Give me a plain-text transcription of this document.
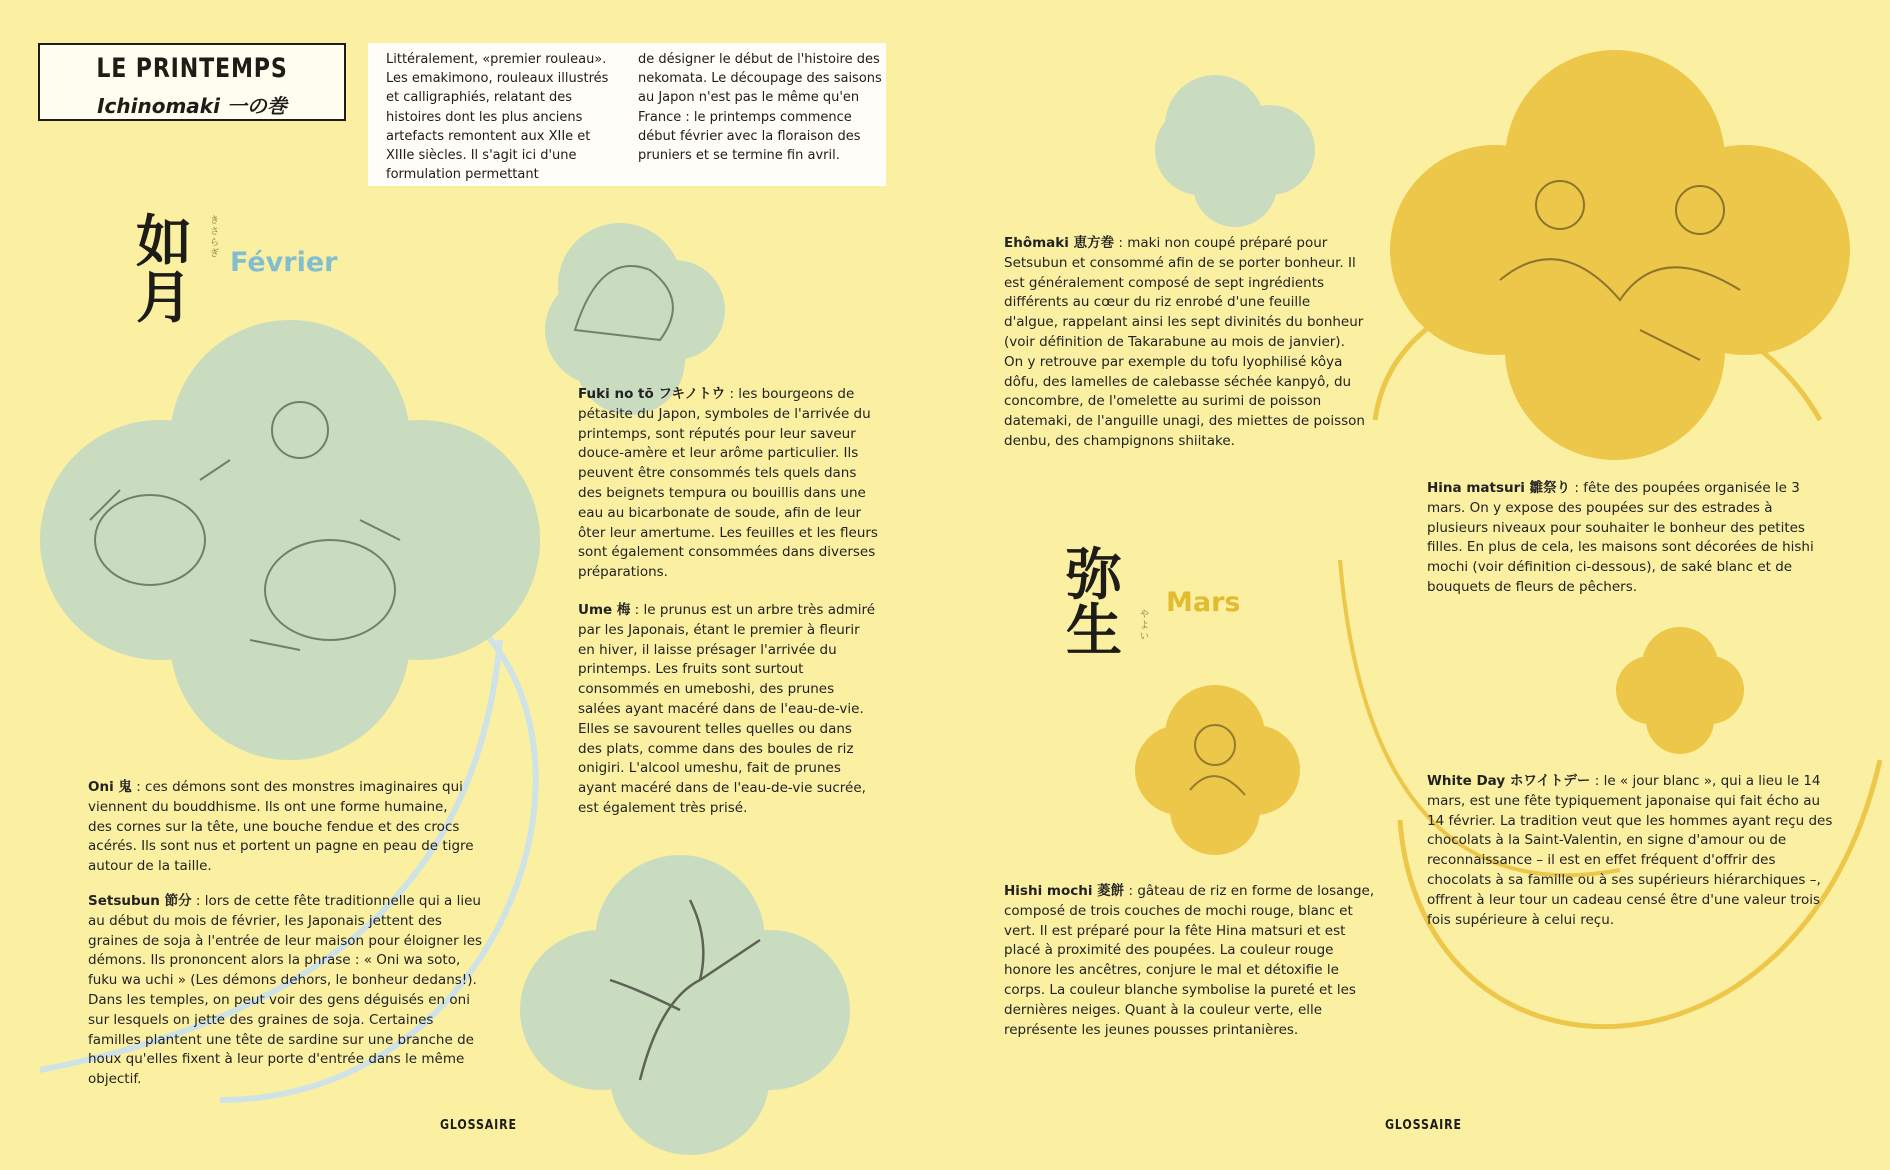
LE PRINTEMPS
Ichinomaki 一の巻
Littéralement, «premier rouleau». Les emakimono, rouleaux illustrés et calligraphiés, relatant des histoires dont les plus anciens artefacts remontent aux XIIe et XIIIe siècles. Il s'agit ici d'une formulation permettant
de désigner le début de l'histoire des nekomata. Le découpage des saisons au Japon n'est pas le même qu'en France : le printemps commence début février avec la floraison des pruniers et se termine fin avril.
如
月
きさらぎ Février
弥
生 やよい
Mars
Oni 鬼 : ces démons sont des monstres imaginaires qui viennent du bouddhisme. Ils ont une forme humaine, des cornes sur la tête, une bouche fendue et des crocs acérés. Ils sont nus et portent un pagne en peau de tigre autour de la taille.
Setsubun 節分 : lors de cette fête traditionnelle qui a lieu au début du mois de février, les Japonais jettent des graines de soja à l'entrée de leur maison pour éloigner les démons. Ils prononcent alors la phrase : « Oni wa soto, fuku wa uchi » (Les démons dehors, le bonheur dedans!). Dans les temples, on peut voir des gens déguisés en oni sur lesquels on jette des graines de soja. Certaines familles plantent une tête de sardine sur une branche de houx qu'elles fixent à leur porte d'entrée dans le même objectif.
Fuki no tō フキノトウ : les bourgeons de pétasite du Japon, symboles de l'arrivée du printemps, sont réputés pour leur saveur douce-amère et leur arôme particulier. Ils peuvent être consommés tels quels dans des beignets tempura ou bouillis dans une eau au bicarbonate de soude, afin de leur ôter leur amertume. Les feuilles et les fleurs sont également consommées dans diverses préparations.
Ume 梅 : le prunus est un arbre très admiré par les Japonais, étant le premier à fleurir en hiver, il laisse présager l'arrivée du printemps. Les fruits sont surtout consommés en umeboshi, des prunes salées ayant macéré dans de l'eau-de-vie. Elles se savourent telles quelles ou dans des plats, comme dans des boules de riz onigiri. L'alcool umeshu, fait de prunes ayant macéré dans de l'eau-de-vie sucrée, est également très prisé.
Ehômaki 恵方巻 : maki non coupé préparé pour Setsubun et consommé afin de se porter bonheur. Il est généralement composé de sept ingrédients différents au cœur du riz enrobé d'une feuille d'algue, rappelant ainsi les sept divinités du bonheur (voir définition de Takarabune au mois de janvier). On y retrouve par exemple du tofu lyophilisé kôya dôfu, des lamelles de calebasse séchée kanpyô, du concombre, de l'omelette au surimi de poisson datemaki, de l'anguille unagi, des miettes de poisson denbu, des champignons shiitake.
Hina matsuri 雛祭り : fête des poupées organisée le 3 mars. On y expose des poupées sur des estrades à plusieurs niveaux pour souhaiter le bonheur des petites filles. En plus de cela, les maisons sont décorées de hishi mochi (voir définition ci-dessous), de saké blanc et de bouquets de fleurs de pêchers.
White Day ホワイトデー : le « jour blanc », qui a lieu le 14 mars, est une fête typiquement japonaise qui fait écho au 14 février. La tradition veut que les hommes ayant reçu des chocolats à la Saint-Valentin, en signe d'amour ou de reconnaissance – il est en effet fréquent d'offrir des chocolats à sa famille ou à ses supérieurs hiérarchiques –, offrent à leur tour un cadeau censé être d'une valeur trois fois supérieure à celui reçu.
Hishi mochi 菱餅 : gâteau de riz en forme de losange, composé de trois couches de mochi rouge, blanc et vert. Il est préparé pour la fête Hina matsuri et est placé à proximité des poupées. La couleur rouge honore les ancêtres, conjure le mal et détoxifie le corps. La couleur blanche symbolise la pureté et les dernières neiges. Quant à la couleur verte, elle représente les jeunes pousses printanières.
GLOSSAIRE	GLOSSAIRE
